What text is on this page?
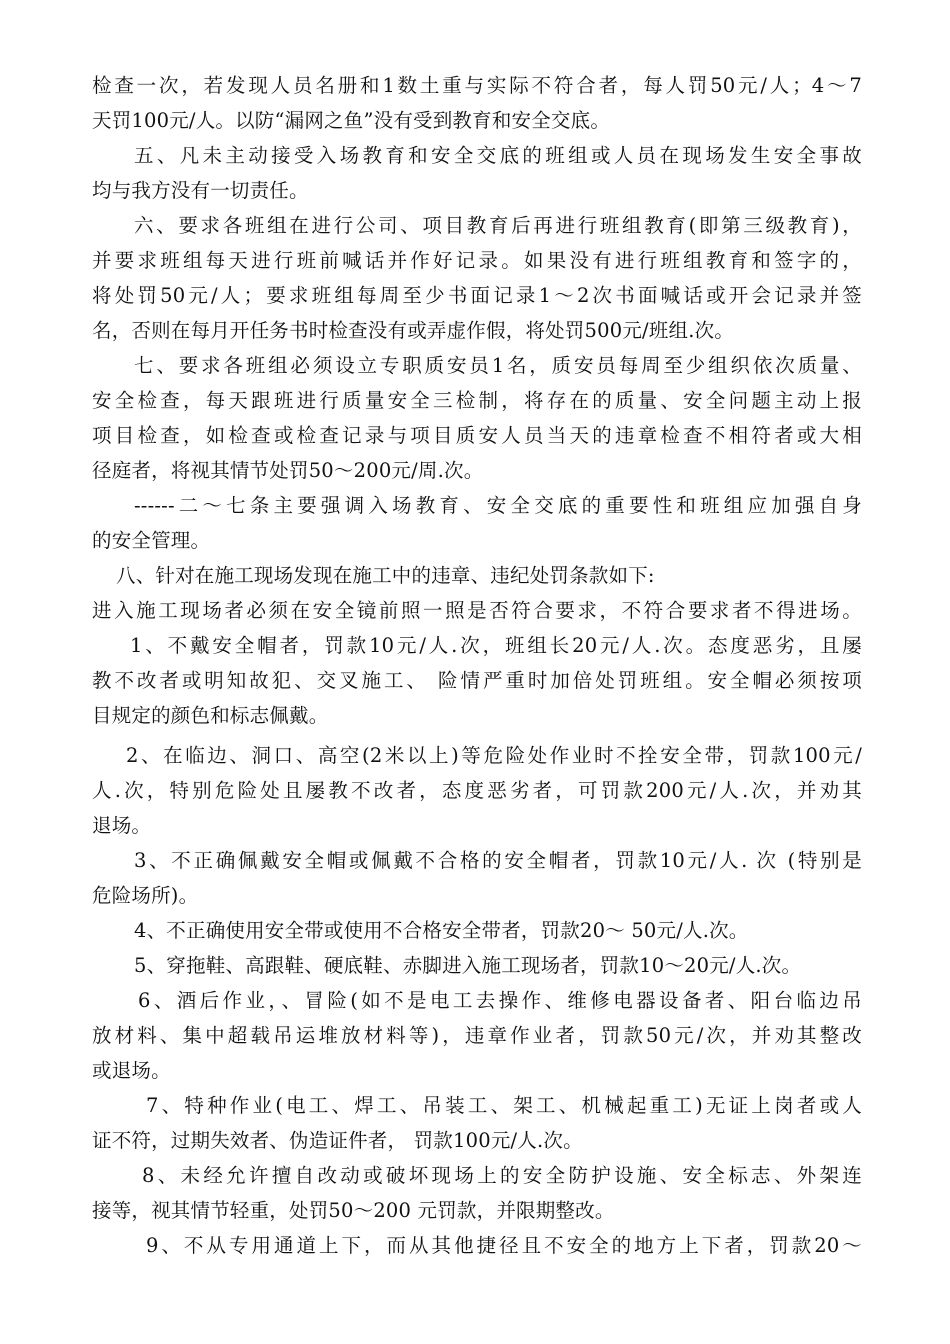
检查一次，若发现人员名册和1数土重与实际不符合者，每人罚50元/人；4～7
天罚100元/人。以防“漏网之鱼”没有受到教育和安全交底。
五、凡未主动接受入场教育和安全交底的班组或人员在现场发生安全事故
均与我方没有一切责任。
六、要求各班组在进行公司、项目教育后再进行班组教育(即第三级教育)，
并要求班组每天进行班前喊话并作好记录。如果没有进行班组教育和签字的，
将处罚50元/人；要求班组每周至少书面记录1～2次书面喊话或开会记录并签
名，否则在每月开任务书时检查没有或弄虚作假，将处罚500元/班组.次。
七、要求各班组必须设立专职质安员1名，质安员每周至少组织依次质量、
安全检查，每天跟班进行质量安全三检制，将存在的质量、安全问题主动上报
项目检查，如检查或检查记录与项目质安人员当天的违章检查不相符者或大相
径庭者，将视其情节处罚50～200元/周.次。
------二～七条主要强调入场教育、安全交底的重要性和班组应加强自身
的安全管理。
八、针对在施工现场发现在施工中的违章、违纪处罚条款如下:
进入施工现场者必须在安全镜前照一照是否符合要求，不符合要求者不得进场。
1、不戴安全帽者，罚款10元/人.次，班组长20元/人.次。态度恶劣，且屡
教不改者或明知故犯、交叉施工、 险情严重时加倍处罚班组。安全帽必须按项
目规定的颜色和标志佩戴。
2、在临边、洞口、高空(2米以上)等危险处作业时不拴安全带，罚款100元/
人.次，特别危险处且屡教不改者，态度恶劣者，可罚款200元/人.次，并劝其
退场。
3、不正确佩戴安全帽或佩戴不合格的安全帽者，罚款10元/人. 次 (特别是
危险场所)。
4、不正确使用安全带或使用不合格安全带者，罚款20～ 50元/人.次。
5、穿拖鞋、高跟鞋、硬底鞋、赤脚进入施工现场者，罚款10～20元/人.次。
6、酒后作业，、冒险(如不是电工去操作、维修电器设备者、阳台临边吊
放材料、集中超载吊运堆放材料等)，违章作业者，罚款50元/次，并劝其整改
或退场。
7、特种作业(电工、焊工、吊装工、架工、机械起重工)无证上岗者或人
证不符，过期失效者、伪造证件者， 罚款100元/人.次。
8、未经允许擅自改动或破坏现场上的安全防护设施、安全标志、外架连
接等，视其情节轻重，处罚50～200 元罚款，并限期整改。
9、不从专用通道上下，而从其他捷径且不安全的地方上下者，罚款20～
